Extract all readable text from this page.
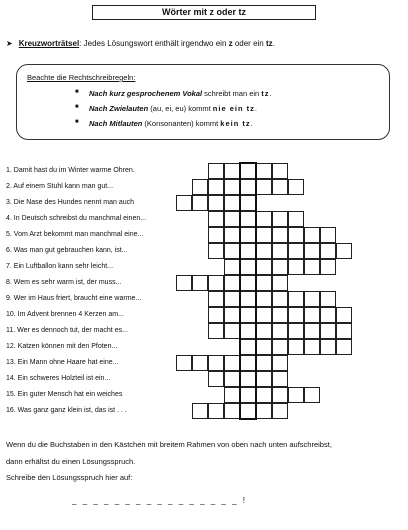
Wörter mit z oder tz
➤ Kreuzworträtsel: Jedes Lösungswort enthält irgendwo ein z oder ein tz.
Beachte die Rechtschreibregeln:
■ Nach kurz gesprochenem Vokal schreibt man ein tz.
■ Nach Zwielauten (au, ei, eu) kommt nie ein tz.
■ Nach Mitlauten (Konsonanten) kommt kein tz.
1. Damit hast du im Winter warme Ohren.
2. Auf einem Stuhl kann man gut...
3. Die Nase des Hundes nennt man auch
4. In Deutsch schreibst du manchmal einen...
5. Vom Arzt bekommt man manchmal eine...
6. Was man gut gebrauchen kann, ist...
7. Ein Luftballon kann sehr leicht...
8. Wem es sehr warm ist, der muss...
9. Wer im Haus friert, braucht eine warme...
10. Im Advent brennen 4 Kerzen am...
11. Wer es dennoch tut, der macht es...
12. Katzen können mit den Pfoten...
13. Ein Mann ohne Haare hat eine...
14. Ein schweres Holzteil ist ein...
15. Ein guter Mensch hat ein weiches
16. Was ganz ganz klein ist, das ist . . .
Wenn du die Buchstaben in den Kästchen mit breitem Rahmen von oben nach unten aufschreibst,
dann erhältst du einen Lösungsspruch.
Schreibe den Lösungsspruch hier auf:
_ _ _ _ _ _ _ _ _ _ _ _ _ _ _ _ !
